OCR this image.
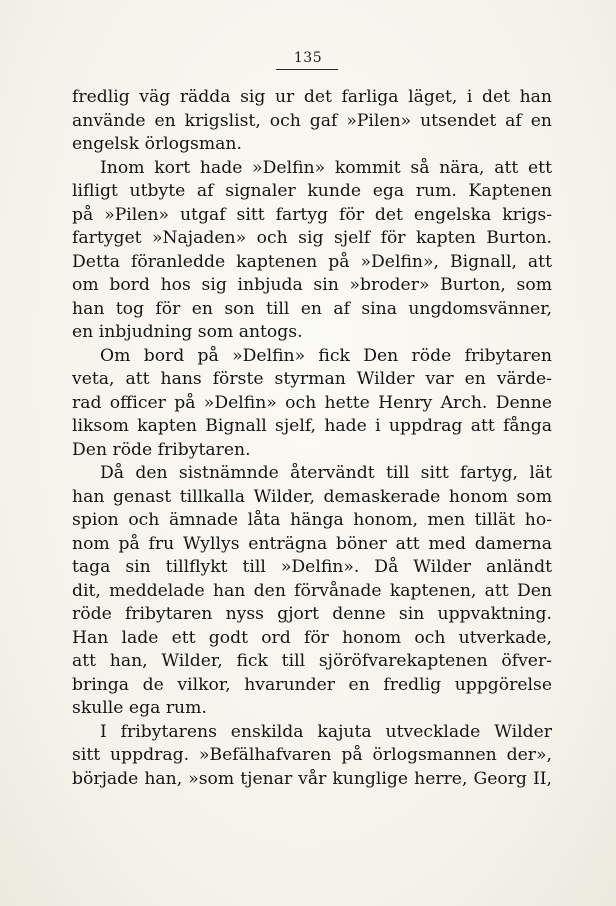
135
fredlig väg rädda sig ur det farliga läget, i det han
använde en krigslist, och gaf »Pilen» utsendet af en
engelsk örlogsman.
Inom kort hade »Delfin» kommit så nära, att ett
lifligt utbyte af signaler kunde ega rum. Kaptenen
på »Pilen» utgaf sitt fartyg för det engelska krigs-
fartyget »Najaden» och sig sjelf för kapten Burton.
Detta föranledde kaptenen på »Delfin», Bignall, att
om bord hos sig inbjuda sin »broder» Burton, som
han tog för en son till en af sina ungdomsvänner,
en inbjudning som antogs.
Om bord på »Delfin» fick Den röde fribytaren
veta, att hans förste styrman Wilder var en värde-
rad officer på »Delfin» och hette Henry Arch. Denne
liksom kapten Bignall sjelf, hade i uppdrag att fånga
Den röde fribytaren.
Då den sistnämnde återvändt till sitt fartyg, lät
han genast tillkalla Wilder, demaskerade honom som
spion och ämnade låta hänga honom, men tillät ho-
nom på fru Wyllys enträgna böner att med damerna
taga sin tillflykt till »Delfin». Då Wilder anländt
dit, meddelade han den förvånade kaptenen, att Den
röde fribytaren nyss gjort denne sin uppvaktning.
Han lade ett godt ord för honom och utverkade,
att han, Wilder, fick till sjöröfvarekaptenen öfver-
bringa de vilkor, hvarunder en fredlig uppgörelse
skulle ega rum.
I fribytarens enskilda kajuta utvecklade Wilder
sitt uppdrag. »Befälhafvaren på örlogsmannen der»,
började han, »som tjenar vår kunglige herre, Georg II,
